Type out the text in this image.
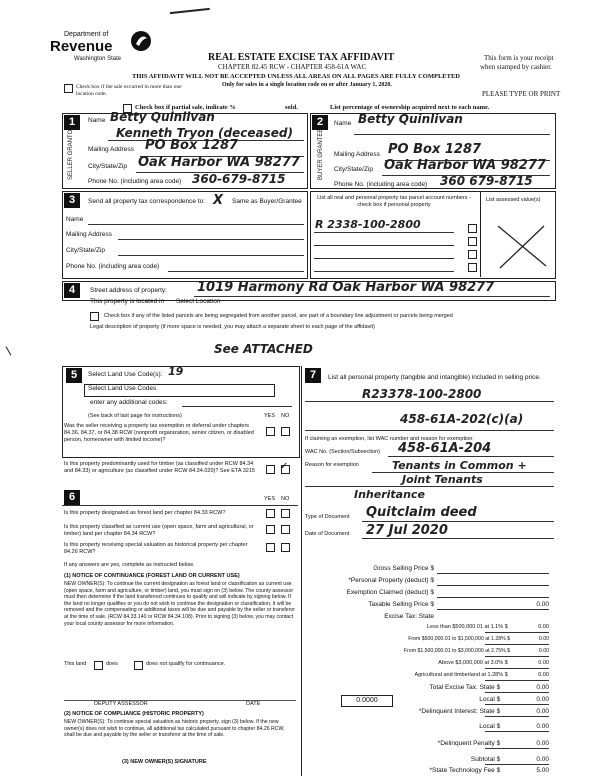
Department of
Revenue
Washington State	REAL ESTATE EXCISE TAX AFFIDAVIT
CHAPTER 82.45 RCW - CHAPTER 458-61A WAC
THIS AFFIDAVIT WILL NOT BE ACCEPTED UNLESS ALL AREAS ON ALL PAGES ARE FULLY COMPLETED
Only for sales in a single location code on or after January 1, 2020.
This form is your receipt
when stamped by cashier.
PLEASE TYPE OR PRINT
Check box if the sale occurred in more than one location code.
Check box if partial sale, indicate %	sold.	List percentage of ownership acquired next to each name.
1
SELLER GRANTOR
Name Betty Quinlivan
Kenneth Tryon (deceased)
Mailing Address PO Box 1287
City/State/Zip Oak Harbor WA 98277
Phone No. (including area code) 360-679-8715
2
BUYER GRANTEE
Name Betty Quinlivan
Mailing Address PO Box 1287
City/State/Zip Oak Harbor WA 98277
Phone No. (including area code) 360 679-8715
3	Send all property tax correspondence to: X Same as Buyer/Grantee
Name
Mailing Address
City/State/Zip
Phone No. (including area code)
List all real and personal property tax parcel account numbers - check box if personal property
List assessed value(s)
R 2338-100-2800
4	Street address of property: 1019 Harmony Rd Oak Harbor WA 98277
This property is located in Select Location
Check box if any of the listed parcels are being segregated from another parcel, are part of a boundary line adjustment or parcels being merged
Legal description of property (if more space is needed, you may attach a separate sheet to each page of the affidavit)
See ATTACHED
5	Select Land Use Code(s): 19
Select Land Use Codes
enter any additional codes:
(See back of last page for instructions)	YES NO
Was the seller receiving a property tax exemption or deferral under chapters 84.36, 84.37, or 84.38 RCW (nonprofit organization, senior citizen, or disabled person, homeowner with limited income)?
Is this property predominantly used for timber (as classified under RCW 84.34 and 84.33) or agriculture (as classified under RCW 84.34.020)? See ETA 3215	✓
6	YES NO
Is this property designated as forest land per chapter 84.33 RCW?
Is this property classified as current use (open space, farm and agricultural, or timber) land per chapter 84.34 RCW?
Is this property receiving special valuation as historical property per chapter 84.26 RCW?
If any answers are yes, complete as instructed below.
(1) NOTICE OF CONTINUANCE (FOREST LAND OR CURRENT USE)
NEW OWNER(S): To continue the current designation as forest land or classification as current use (open space, farm and agriculture, or timber) land, you must sign on (3) below. The county assessor must then determine if the land transferred continues to qualify and will indicate by signing below. If the land no longer qualifies or you do not wish to continue the designation or classification, it will be removed and the compensating or additional taxes will be due and payable by the seller or transferor at the time of sale. (RCW 84.33.140 or RCW 84.34.108). Prior to signing (3) below, you may contact your local county assessor for more information.
This land	does	does not qualify for continuance.
DEPUTY ASSESSOR	DATE
(2) NOTICE OF COMPLIANCE (HISTORIC PROPERTY)
NEW OWNER(S): To continue special valuation as historic property, sign (3) below. If the new owner(s) does not wish to continue, all additional tax calculated pursuant to chapter 84.26 RCW, shall be due and payable by the seller or transferor at the time of sale.
(3) NEW OWNER(S) SIGNATURE
7	List all personal property (tangible and intangible) included in selling price.
R23378-100-2800
458-61A-202(c)(a)
If claiming an exemption, list WAC number and reason for exemption:
WAC No. (Section/Subsection) 458-61A-204
Reason for exemption	Tenants in Common +
Joint Tenants
Inheritance
Type of Document Quitclaim deed
Date of Document 27 Jul 2020
Gross Selling Price $
*Personal Property (deduct) $
Exemption Claimed (deduct) $
Taxable Selling Price $	0.00
Excise Tax: State
Less than $500,000.01 at 1.1% $	0.00
From $500,000.01 to $1,500,000 at 1.28% $	0.00
From $1,500,000.01 to $3,000,000 at 2.75% $	0.00
Above $3,000,000 at 3.0% $	0.00
Agricultural and timberland at 1.28% $	0.00
Total Excise Tax: State $	0.00
0.0000	Local $	0.00
*Delinquent Interest: State $	0.00
Local $	0.00
*Delinquent Penalty $	0.00
Subtotal $	0.00
*State Technology Fee $	5.00
